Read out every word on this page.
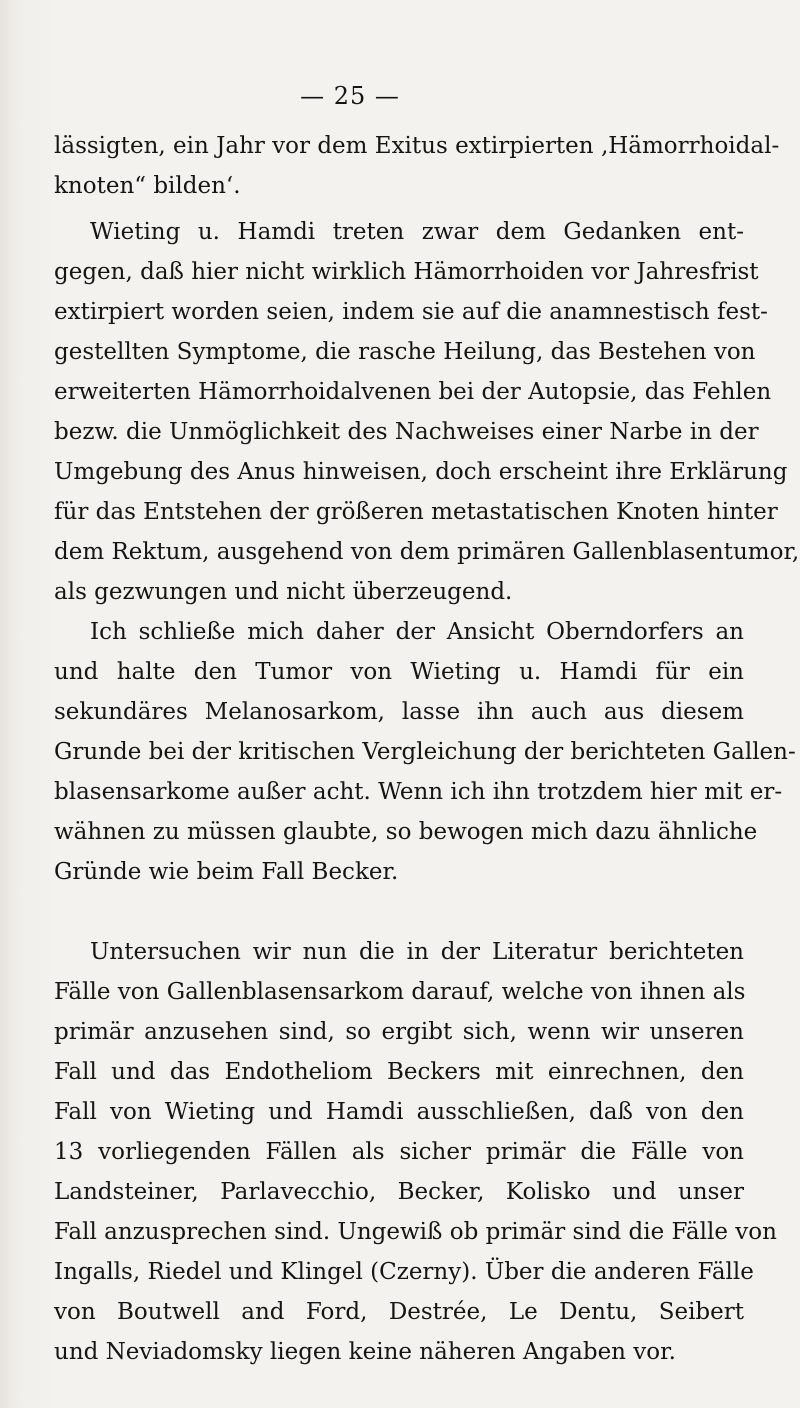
— 25 —
lässigten, ein Jahr vor dem Exitus extirpierten ‚Hämorrhoidal-
knoten“ bilden‘.
Wieting u. Hamdi treten zwar dem Gedanken ent-
gegen, daß hier nicht wirklich Hämorrhoiden vor Jahresfrist
extirpiert worden seien, indem sie auf die anamnestisch fest-
gestellten Symptome, die rasche Heilung, das Bestehen von
erweiterten Hämorrhoidalvenen bei der Autopsie, das Fehlen
bezw. die Unmöglichkeit des Nachweises einer Narbe in der
Umgebung des Anus hinweisen, doch erscheint ihre Erklärung
für das Entstehen der größeren metastatischen Knoten hinter
dem Rektum, ausgehend von dem primären Gallenblasentumor,
als gezwungen und nicht überzeugend.
Ich schließe mich daher der Ansicht Oberndorfers an
und halte den Tumor von Wieting u. Hamdi für ein
sekundäres Melanosarkom, lasse ihn auch aus diesem
Grunde bei der kritischen Vergleichung der berichteten Gallen-
blasensarkome außer acht. Wenn ich ihn trotzdem hier mit er-
wähnen zu müssen glaubte, so bewogen mich dazu ähnliche
Gründe wie beim Fall Becker.
Untersuchen wir nun die in der Literatur berichteten
Fälle von Gallenblasensarkom darauf, welche von ihnen als
primär anzusehen sind, so ergibt sich, wenn wir unseren
Fall und das Endotheliom Beckers mit einrechnen, den
Fall von Wieting und Hamdi ausschließen, daß von den
13 vorliegenden Fällen als sicher primär die Fälle von
Landsteiner, Parlavecchio, Becker, Kolisko und unser
Fall anzusprechen sind. Ungewiß ob primär sind die Fälle von
Ingalls, Riedel und Klingel (Czerny). Über die anderen Fälle
von Boutwell and Ford, Destrée, Le Dentu, Seibert
und Neviadomsky liegen keine näheren Angaben vor.
